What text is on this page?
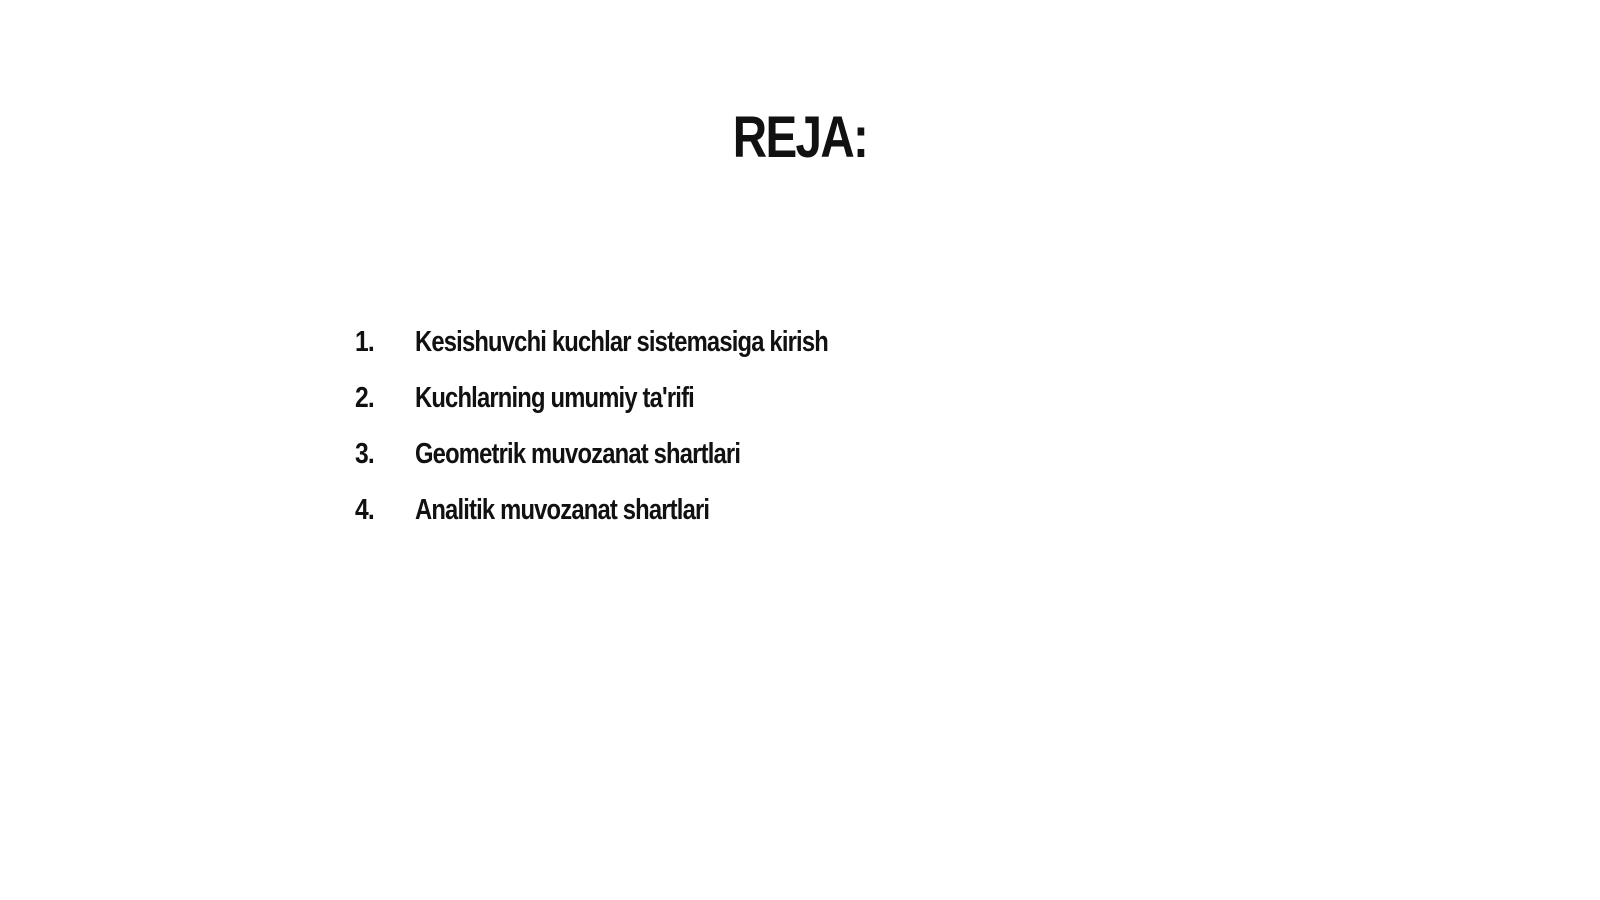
REJA:
1.	Kesishuvchi kuchlar sistemasiga kirish
2.	Kuchlarning umumiy ta'rifi
3.	Geometrik muvozanat shartlari
4.	Analitik muvozanat shartlari
